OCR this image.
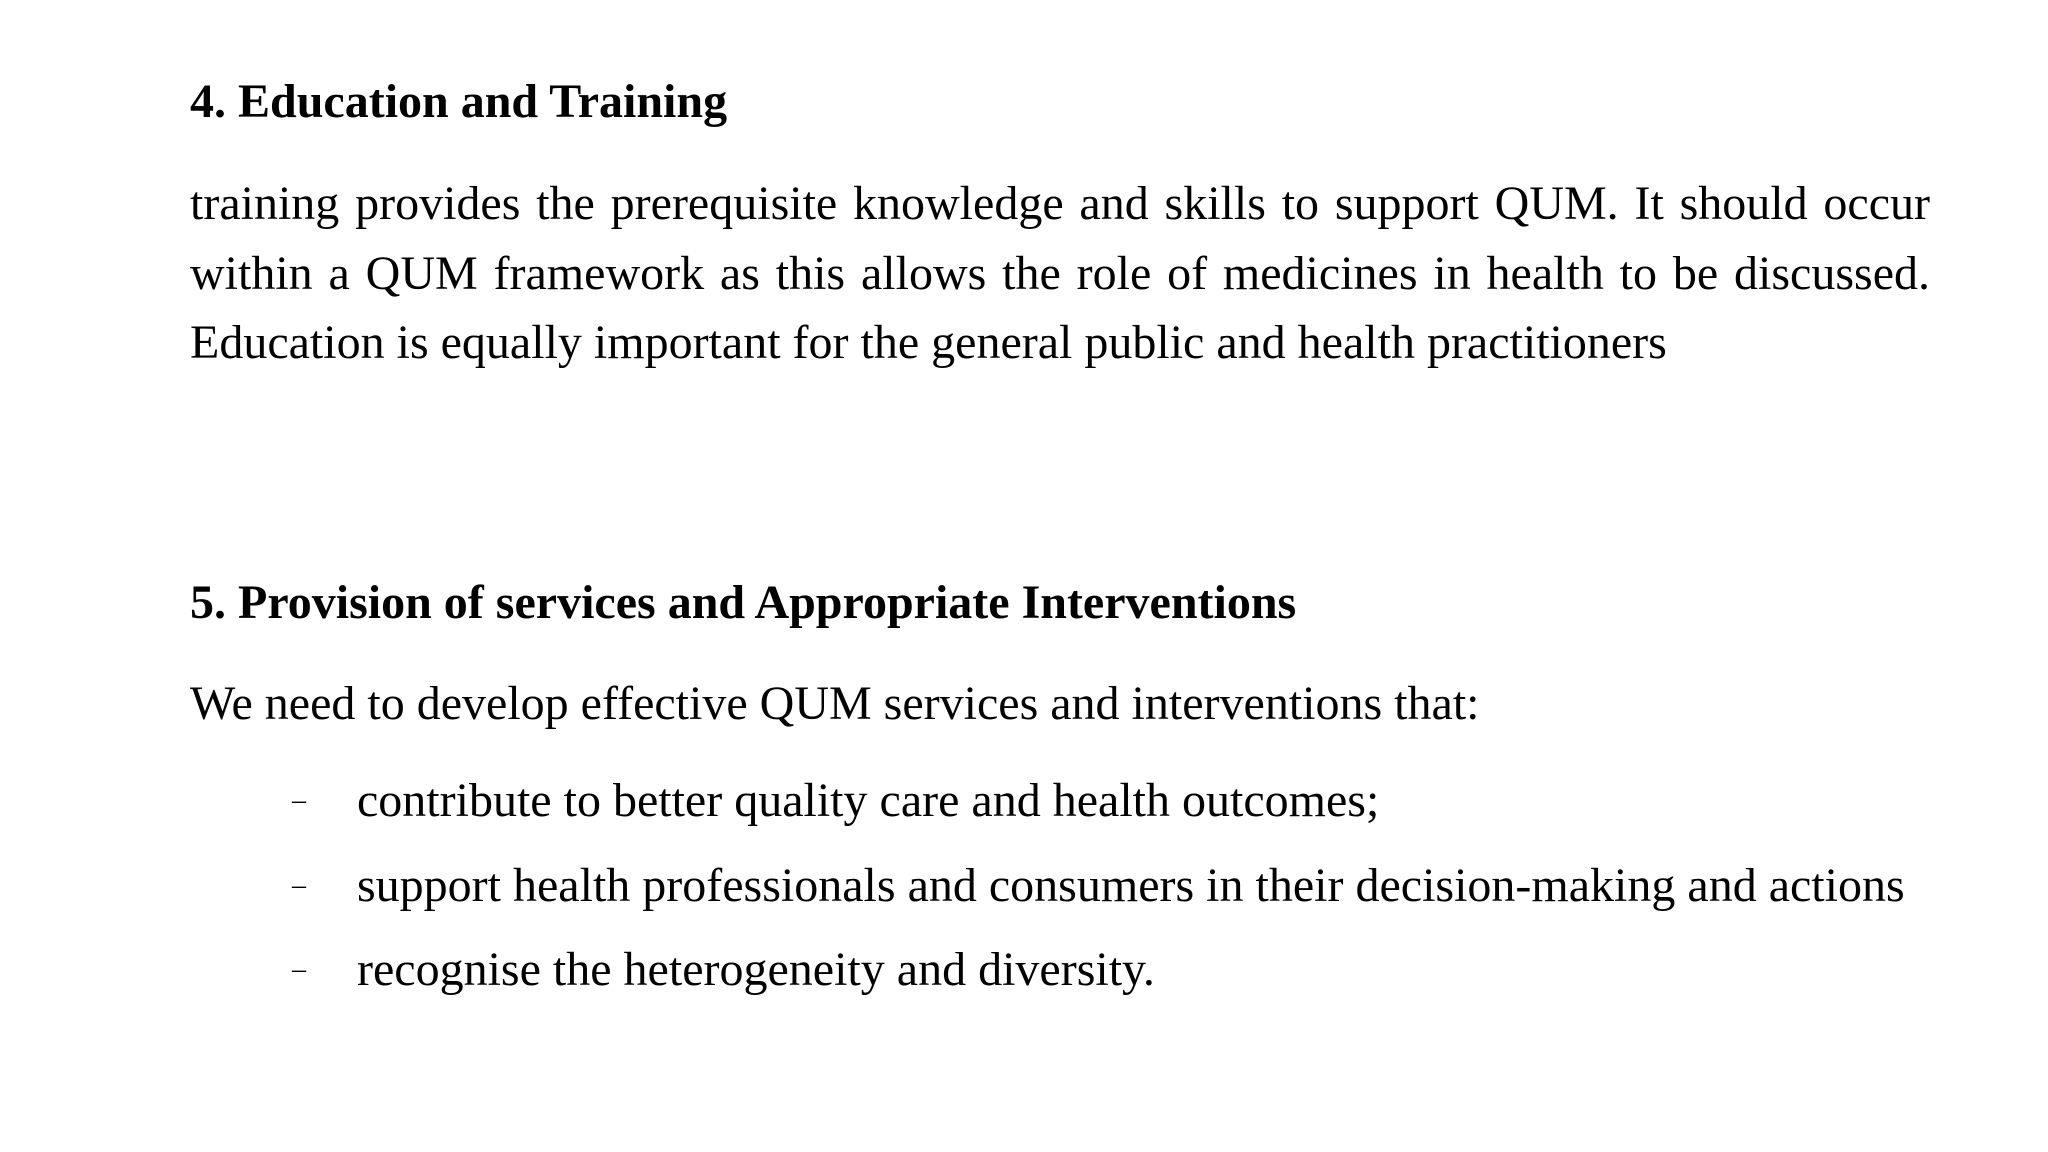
4. Education and Training

training provides the prerequisite knowledge and skills to support QUM. It should occur within a QUM framework as this allows the role of medicines in health to be discussed. Education is equally important for the general public and health practitioners

5. Provision of services and Appropriate Interventions

We need to develop effective QUM services and interventions that:

– contribute to better quality care and health outcomes;
– support health professionals and consumers in their decision-making and actions
– recognise the heterogeneity and diversity.
